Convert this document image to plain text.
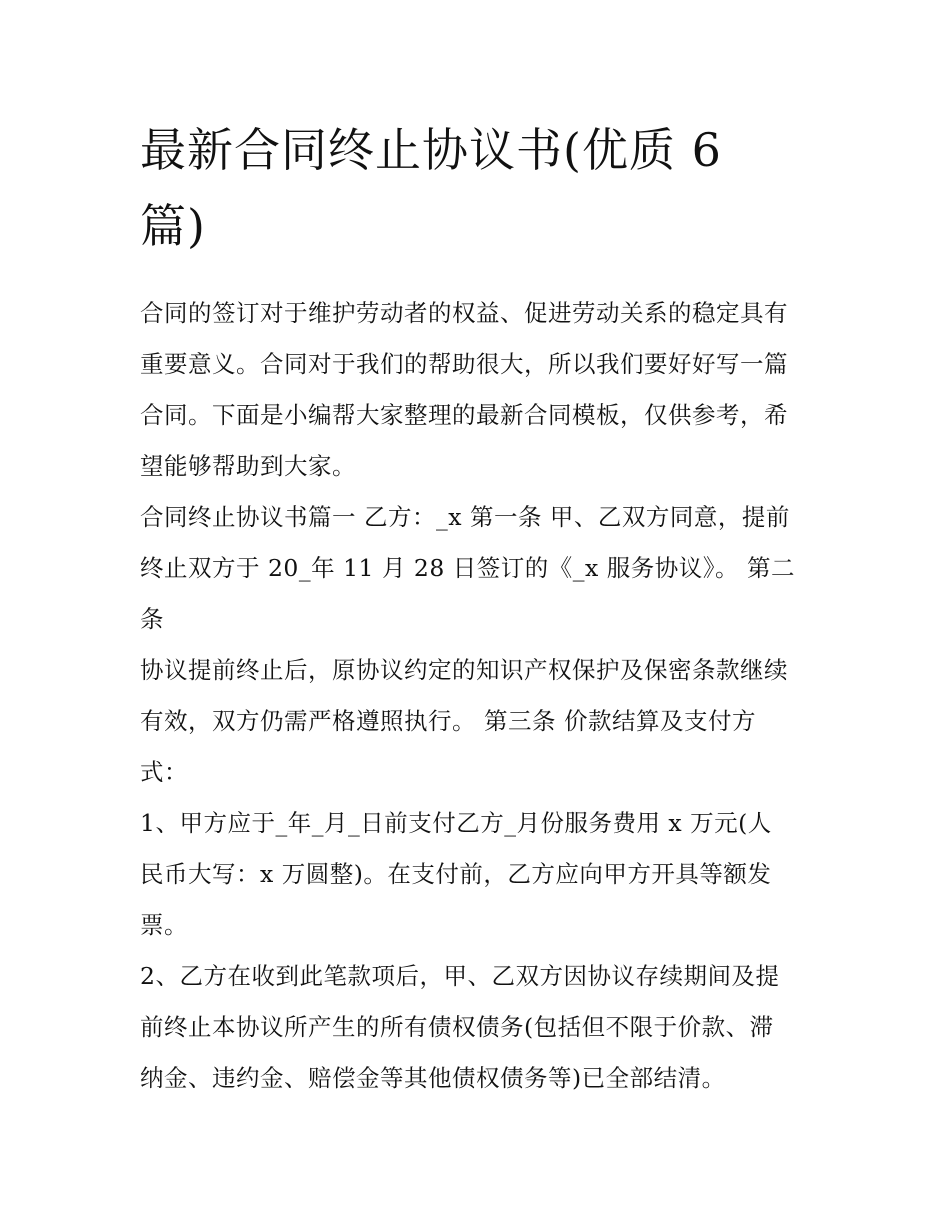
最新合同终止协议书(优质 6
篇)

合同的签订对于维护劳动者的权益、促进劳动关系的稳定具有
重要意义。合同对于我们的帮助很大，所以我们要好好写一篇
合同。下面是小编帮大家整理的最新合同模板，仅供参考，希
望能够帮助到大家。

合同终止协议书篇一 乙方：_x 第一条 甲、乙双方同意，提前
终止双方于 20_年 11 月 28 日签订的《_x 服务协议》。 第二
条

协议提前终止后，原协议约定的知识产权保护及保密条款继续
有效，双方仍需严格遵照执行。 第三条 价款结算及支付方
式：

1、甲方应于_年_月_日前支付乙方_月份服务费用 x 万元(人
民币大写：x 万圆整)。在支付前，乙方应向甲方开具等额发
票。

2、乙方在收到此笔款项后，甲、乙双方因协议存续期间及提
前终止本协议所产生的所有债权债务(包括但不限于价款、滞
纳金、违约金、赔偿金等其他债权债务等)已全部结清。
